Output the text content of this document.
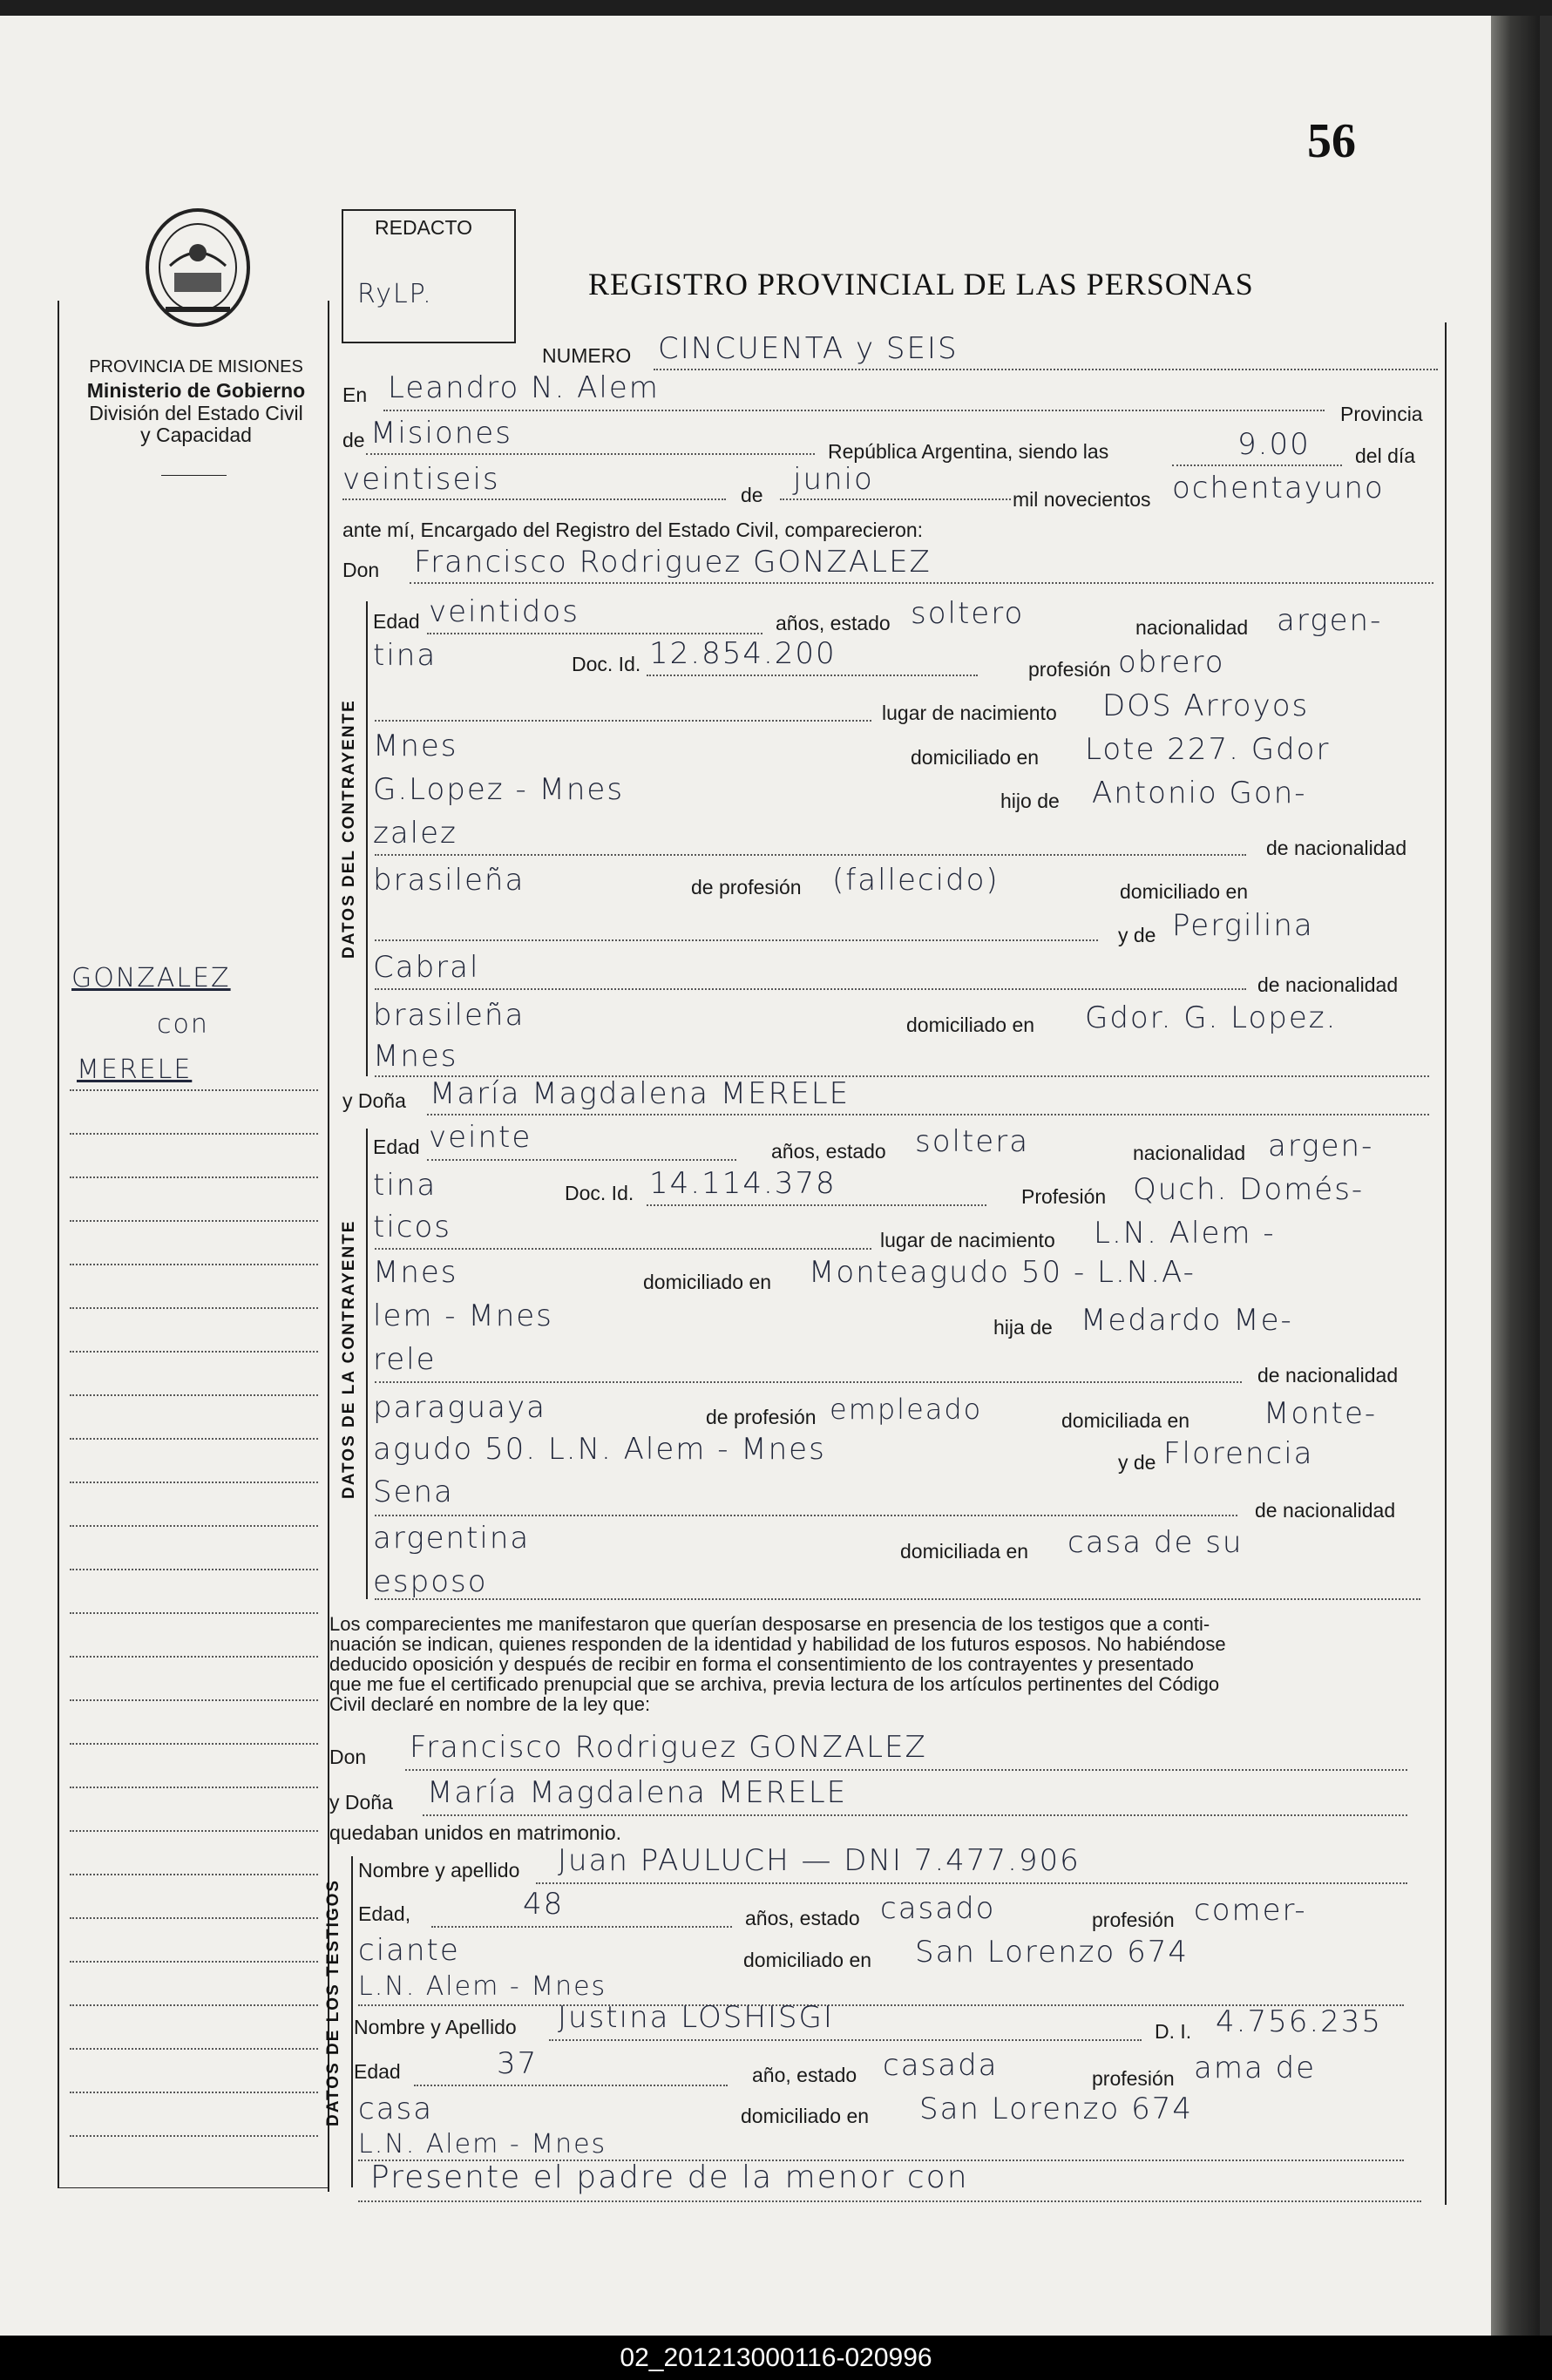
56
PROVINCIA DE MISIONES
Ministerio de Gobierno
División del Estado Civil
y Capacidad
GONZALEZ
con
MERELE
REDACTO
RyLP.	REGISTRO PROVINCIAL DE LAS PERSONAS
NUMERO CINCUENTA y SEIS
En Leandro N. Alem
Provincia
de Misiones
República Argentina, siendo las	9.00 del día
veintiseis	de junio
mil novecientos ochentayuno
ante mí, Encargado del Registro del Estado Civil, comparecieron:
Don Francisco Rodriguez GONZALEZ
DATOS DEL CONTRAYENTE
Edad veintidos	años, estado soltero	nacionalidad argen-
tina	Doc. Id. 12.854.200	profesión obrero
lugar de nacimiento DOS Arroyos
Mnes	domiciliado en Lote 227. Gdor
G.Lopez - Mnes	hijo de Antonio Gon-
zalez	de nacionalidad
brasileña	de profesión (fallecido)	domiciliado en
y de Pergilina
Cabral	de nacionalidad
brasileña	domiciliado en Gdor. G. Lopez.
Mnes
y Doña María Magdalena MERELE
DATOS DE LA CONTRAYENTE
Edad veinte	años, estado soltera	nacionalidad argen-
tina	Doc. Id. 14.114.378	Profesión Quch. Domés-
ticos	lugar de nacimiento L.N. Alem -
Mnes	domiciliado en Monteagudo 50 - L.N.A-
lem - Mnes	hija de Medardo Me-
rele	de nacionalidad
paraguaya	de profesión empleado	domiciliada en Monte-
agudo 50. L.N. Alem - Mnes	y de Florencia
Sena
de nacionalidad
argentina	domiciliada en casa de su
esposo
Los comparecientes me manifestaron que querían desposarse en presencia de los testigos que a conti-
nuación se indican, quienes responden de la identidad y habilidad de los futuros esposos. No habiéndose
deducido oposición y después de recibir en forma el consentimiento de los contrayentes y presentado
que me fue el certificado prenupcial que se archiva, previa lectura de los artículos pertinentes del Código
Civil declaré en nombre de la ley que:
Don Francisco Rodriguez GONZALEZ
y Doña María Magdalena MERELE
quedaban unidos en matrimonio.
DATOS DE LOS TESTIGOS
Nombre y apellido Juan PAULUCH — DNI 7.477.906
Edad,	48	años, estado casado	profesión comer-
ciante	domiciliado en San Lorenzo 674
L.N. Alem - Mnes
Nombre y Apellido Justina LOSHISGI	D. I. 4.756.235
Edad	37	año, estado casada	profesión ama de
casa	domiciliado en San Lorenzo 674
L.N. Alem - Mnes
Presente el padre de la menor con
02_201213000116-020996
